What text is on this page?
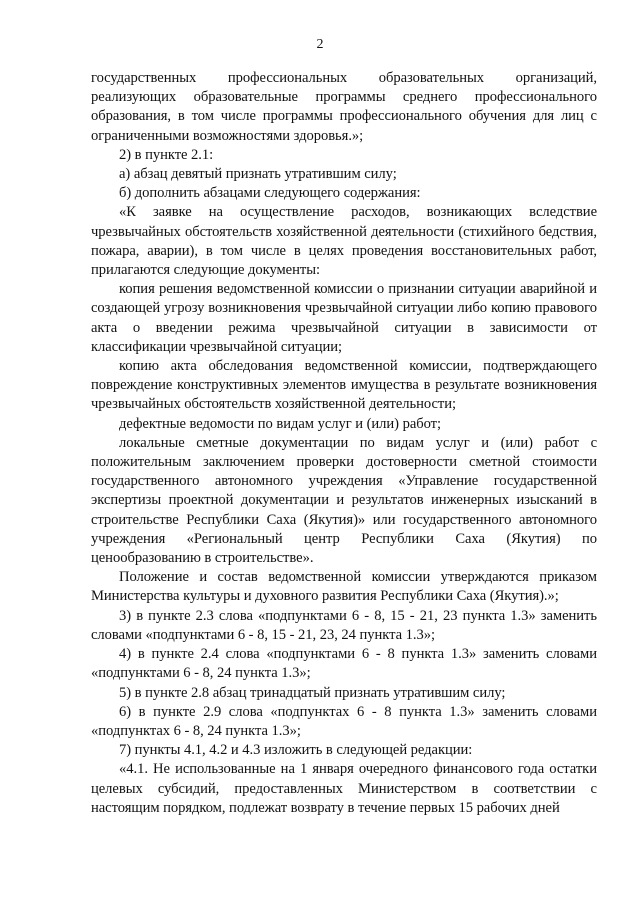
2

государственных профессиональных образовательных организаций, реализующих образовательные программы среднего профессионального образования, в том числе программы профессионального обучения для лиц с ограниченными возможностями здоровья.»;

2) в пункте 2.1:

а) абзац девятый признать утратившим силу;

б) дополнить абзацами следующего содержания:

«К заявке на осуществление расходов, возникающих вследствие чрезвычайных обстоятельств хозяйственной деятельности (стихийного бедствия, пожара, аварии), в том числе в целях проведения восстановительных работ, прилагаются следующие документы:

копия решения ведомственной комиссии о признании ситуации аварийной и создающей угрозу возникновения чрезвычайной ситуации либо копию правового акта о введении режима чрезвычайной ситуации в зависимости от классификации чрезвычайной ситуации;

копию акта обследования ведомственной комиссии, подтверждающего повреждение конструктивных элементов имущества в результате возникновения чрезвычайных обстоятельств хозяйственной деятельности;

дефектные ведомости по видам услуг и (или) работ;

локальные сметные документации по видам услуг и (или) работ с положительным заключением проверки достоверности сметной стоимости государственного автономного учреждения «Управление государственной экспертизы проектной документации и результатов инженерных изысканий в строительстве Республики Саха (Якутия)» или государственного автономного учреждения «Региональный центр Республики Саха (Якутия) по ценообразованию в строительстве».

Положение и состав ведомственной комиссии утверждаются приказом Министерства культуры и духовного развития Республики Саха (Якутия).»;

3) в пункте 2.3 слова «подпунктами 6 - 8, 15 - 21, 23 пункта 1.3» заменить словами «подпунктами 6 - 8, 15 - 21, 23, 24 пункта 1.3»;

4) в пункте 2.4 слова «подпунктами 6 - 8 пункта 1.3» заменить словами «подпунктами 6 - 8, 24 пункта 1.3»;

5) в пункте 2.8 абзац тринадцатый признать утратившим силу;

6) в пункте 2.9 слова «подпунктах 6 - 8 пункта 1.3» заменить словами «подпунктах 6 - 8, 24 пункта 1.3»;

7) пункты 4.1, 4.2 и 4.3 изложить в следующей редакции:

«4.1. Не использованные на 1 января очередного финансового года остатки целевых субсидий, предоставленных Министерством в соответствии с настоящим порядком, подлежат возврату в течение первых 15 рабочих дней
